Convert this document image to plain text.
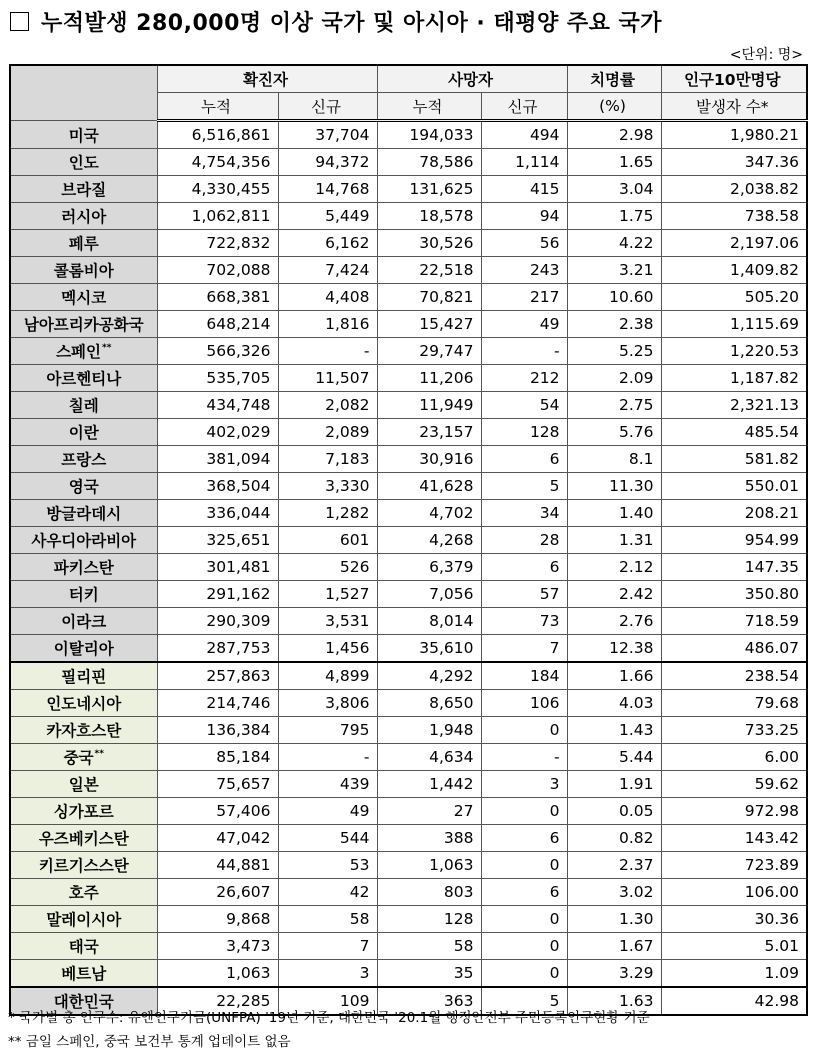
누적발생 280,000명 이상 국가 및 아시아 · 태평양 주요 국가
<단위: 명>
	확진자		사망자		치명률	인구10만명당
	누적	신규	누적	신규	(%)	발생자 수*
미국	6,516,861	37,704	194,033	494	2.98	1,980.21
인도	4,754,356	94,372	78,586	1,114	1.65	347.36
브라질	4,330,455	14,768	131,625	415	3.04	2,038.82
러시아	1,062,811	5,449	18,578	94	1.75	738.58
페루	722,832	6,162	30,526	56	4.22	2,197.06
콜롬비아	702,088	7,424	22,518	243	3.21	1,409.82
멕시코	668,381	4,408	70,821	217	10.60	505.20
남아프리카공화국	648,214	1,816	15,427	49	2.38	1,115.69
스페인**	566,326	-	29,747	-	5.25	1,220.53
아르헨티나	535,705	11,507	11,206	212	2.09	1,187.82
칠레	434,748	2,082	11,949	54	2.75	2,321.13
이란	402,029	2,089	23,157	128	5.76	485.54
프랑스	381,094	7,183	30,916	6	8.1	581.82
영국	368,504	3,330	41,628	5	11.30	550.01
방글라데시	336,044	1,282	4,702	34	1.40	208.21
사우디아라비아	325,651	601	4,268	28	1.31	954.99
파키스탄	301,481	526	6,379	6	2.12	147.35
터키	291,162	1,527	7,056	57	2.42	350.80
이라크	290,309	3,531	8,014	73	2.76	718.59
이탈리아	287,753	1,456	35,610	7	12.38	486.07
필리핀	257,863	4,899	4,292	184	1.66	238.54
인도네시아	214,746	3,806	8,650	106	4.03	79.68
카자흐스탄	136,384	795	1,948	0	1.43	733.25
중국**	85,184	-	4,634	-	5.44	6.00
일본	75,657	439	1,442	3	1.91	59.62
싱가포르	57,406	49	27	0	0.05	972.98
우즈베키스탄	47,042	544	388	6	0.82	143.42
키르기스스탄	44,881	53	1,063	0	2.37	723.89
호주	26,607	42	803	6	3.02	106.00
말레이시아	9,868	58	128	0	1.30	30.36
태국	3,473	7	58	0	1.67	5.01
베트남	1,063	3	35	0	3.29	1.09
대한민국	22,285	109	363	5	1.63	42.98
* 국가별 총 인구수: 유엔인구기금(UNFPA) '19년 기준, 대한민국 '20.1월 행정안전부 주민등록인구현황 기준
** 금일 스페인, 중국 보건부 통계 업데이트 없음
